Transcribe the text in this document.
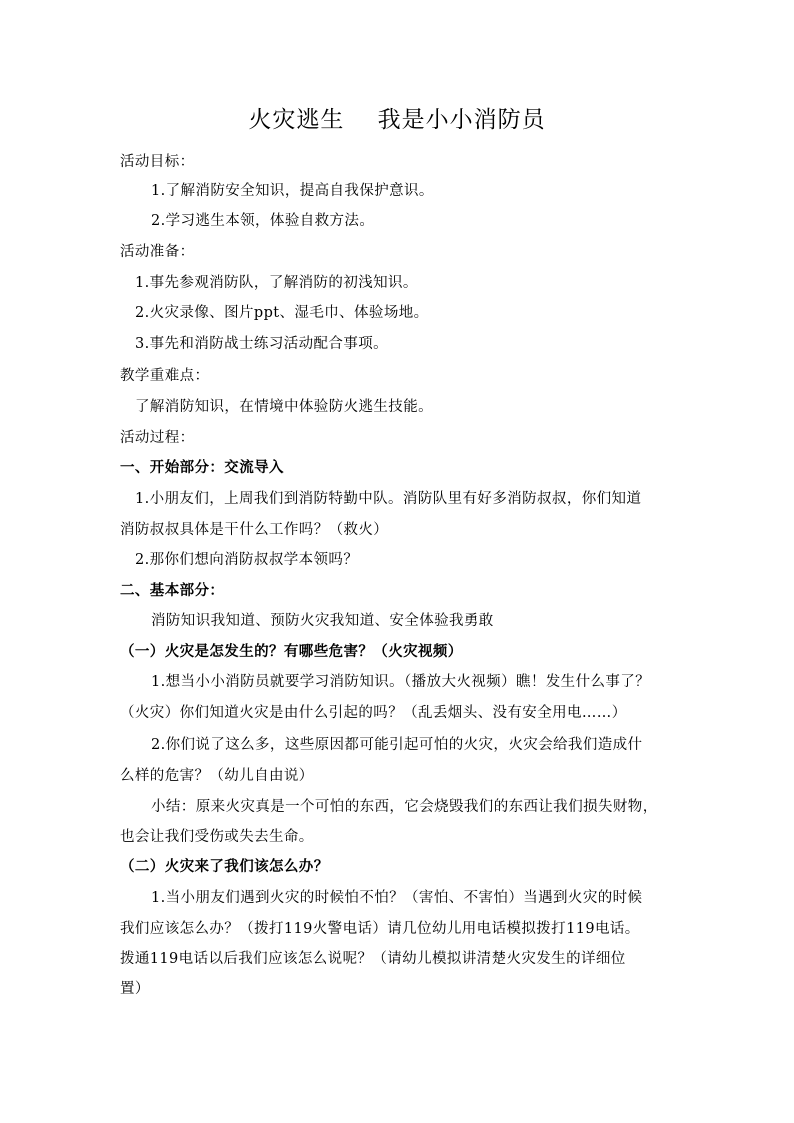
火灾逃生    我是小小消防员
活动目标：
1.了解消防安全知识，提高自我保护意识。
2.学习逃生本领，体验自救方法。
活动准备：
1.事先参观消防队，了解消防的初浅知识。
2.火灾录像、图片ppt、湿毛巾、体验场地。
3.事先和消防战士练习活动配合事项。
教学重难点：
了解消防知识，在情境中体验防火逃生技能。
活动过程：
一、开始部分：交流导入
1.小朋友们，上周我们到消防特勤中队。消防队里有好多消防叔叔，你们知道
消防叔叔具体是干什么工作吗？（救火）
2.那你们想向消防叔叔学本领吗？
二、基本部分：
消防知识我知道、预防火灾我知道、安全体验我勇敢
（一）火灾是怎发生的？有哪些危害？（火灾视频）
1.想当小小消防员就要学习消防知识。（播放大火视频）瞧！发生什么事了？
（火灾）你们知道火灾是由什么引起的吗？（乱丢烟头、没有安全用电……）
2.你们说了这么多，这些原因都可能引起可怕的火灾，火灾会给我们造成什
么样的危害？（幼儿自由说）
小结：原来火灾真是一个可怕的东西，它会烧毁我们的东西让我们损失财物，
也会让我们受伤或失去生命。
（二）火灾来了我们该怎么办？
1.当小朋友们遇到火灾的时候怕不怕？（害怕、不害怕）当遇到火灾的时候
我们应该怎么办？（拨打119火警电话）请几位幼儿用电话模拟拨打119电话。
拨通119电话以后我们应该怎么说呢？（请幼儿模拟讲清楚火灾发生的详细位
置）
